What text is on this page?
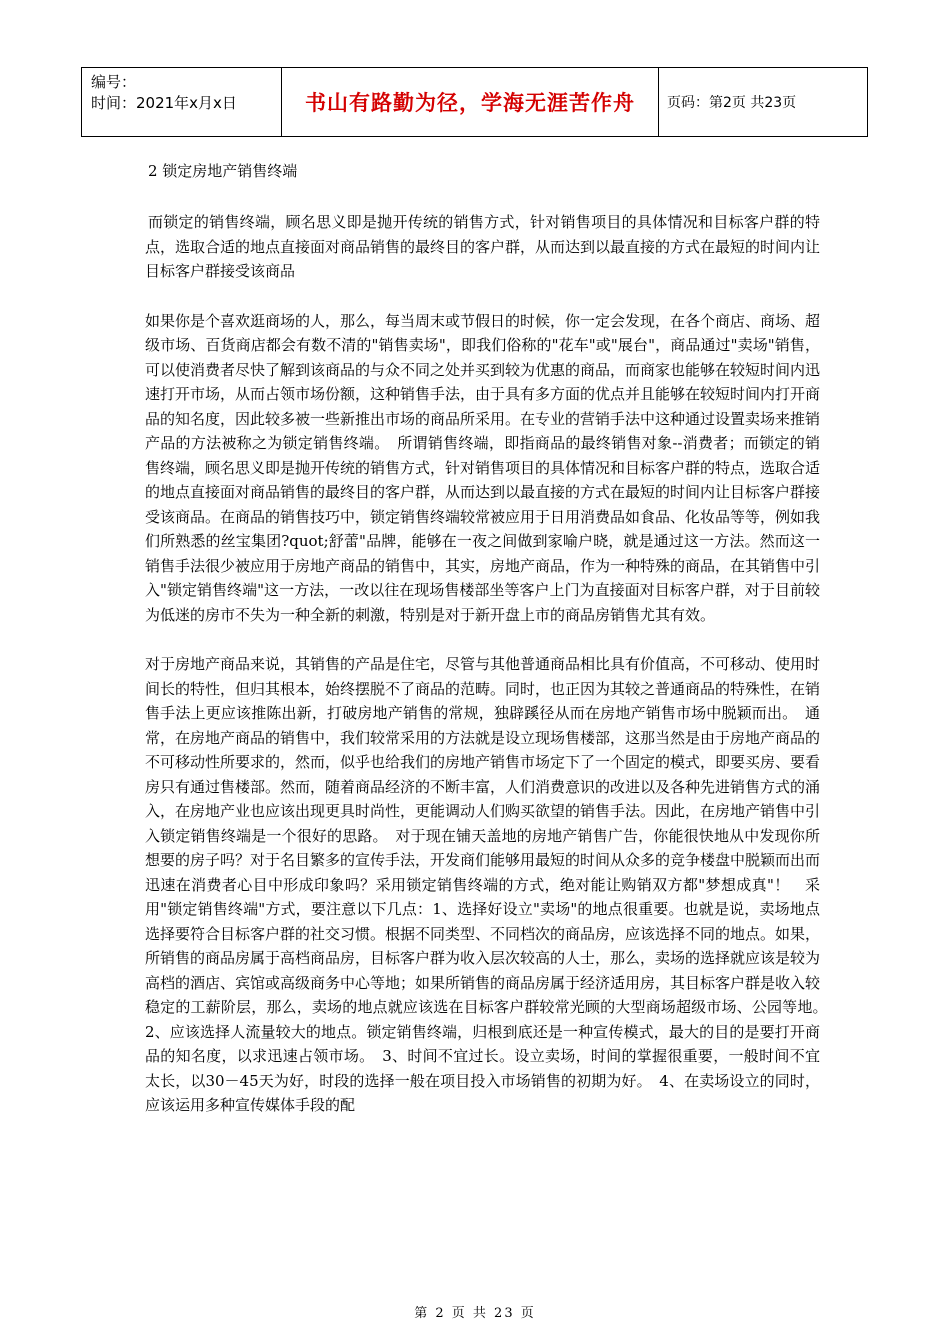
编号：
时间：2021年x月x日	书山有路勤为径，学海无涯苦作舟	页码：第2页 共23页
2 锁定房地产销售终端

而锁定的销售终端，顾名思义即是抛开传统的销售方式，针对销售项目的具体情况和目标客户群的特点，选取合适的地点直接面对商品销售的最终目的客户群，从而达到以最直接的方式在最短的时间内让目标客户群接受该商品

如果你是个喜欢逛商场的人，那么，每当周末或节假日的时候，你一定会发现，在各个商店、商场、超级市场、百货商店都会有数不清的"销售卖场"，即我们俗称的"花车"或"展台"，商品通过"卖场"销售，可以使消费者尽快了解到该商品的与众不同之处并买到较为优惠的商品，而商家也能够在较短时间内迅速打开市场，从而占领市场份额，这种销售手法，由于具有多方面的优点并且能够在较短时间内打开商品的知名度，因此较多被一些新推出市场的商品所采用。在专业的营销手法中这种通过设置卖场来推销产品的方法被称之为锁定销售终端。　所谓销售终端，即指商品的最终销售对象--消费者；而锁定的销售终端，顾名思义即是抛开传统的销售方式，针对销售项目的具体情况和目标客户群的特点，选取合适的地点直接面对商品销售的最终目的客户群，从而达到以最直接的方式在最短的时间内让目标客户群接受该商品。在商品的销售技巧中，锁定销售终端较常被应用于日用消费品如食品、化妆品等等，例如我们所熟悉的丝宝集团?quot;舒蕾"品牌，能够在一夜之间做到家喻户晓，就是通过这一方法。然而这一销售手法很少被应用于房地产商品的销售中，其实，房地产商品，作为一种特殊的商品，在其销售中引入"锁定销售终端"这一方法，一改以往在现场售楼部坐等客户上门为直接面对目标客户群，对于目前较为低迷的房市不失为一种全新的刺激，特别是对于新开盘上市的商品房销售尤其有效。

对于房地产商品来说，其销售的产品是住宅，尽管与其他普通商品相比具有价值高，不可移动、使用时间长的特性，但归其根本，始终摆脱不了商品的范畴。同时，也正因为其较之普通商品的特殊性，在销售手法上更应该推陈出新，打破房地产销售的常规，独辟蹊径从而在房地产销售市场中脱颖而出。　通常，在房地产商品的销售中，我们较常采用的方法就是设立现场售楼部，这那当然是由于房地产商品的不可移动性所要求的，然而，似乎也给我们的房地产销售市场定下了一个固定的模式，即要买房、要看房只有通过售楼部。然而，随着商品经济的不断丰富，人们消费意识的改进以及各种先进销售方式的涌入，在房地产业也应该出现更具时尚性，更能调动人们购买欲望的销售手法。因此，在房地产销售中引入锁定销售终端是一个很好的思路。　对于现在铺天盖地的房地产销售广告，你能很快地从中发现你所想要的房子吗？对于名目繁多的宣传手法，开发商们能够用最短的时间从众多的竞争楼盘中脱颖而出而迅速在消费者心目中形成印象吗？采用锁定销售终端的方式，绝对能让购销双方都"梦想成真"！　采用"锁定销售终端"方式，要注意以下几点：1、选择好设立"卖场"的地点很重要。也就是说，卖场地点选择要符合目标客户群的社交习惯。根据不同类型、不同档次的商品房，应该选择不同的地点。如果，所销售的商品房属于高档商品房，目标客户群为收入层次较高的人士，那么，卖场的选择就应该是较为高档的酒店、宾馆或高级商务中心等地；如果所销售的商品房属于经济适用房，其目标客户群是收入较稳定的工薪阶层，那么，卖场的地点就应该选在目标客户群较常光顾的大型商场超级市场、公园等地。　2、应该选择人流量较大的地点。锁定销售终端，归根到底还是一种宣传模式，最大的目的是要打开商品的知名度，以求迅速占领市场。　3、时间不宜过长。设立卖场，时间的掌握很重要，一般时间不宜太长，以30－45天为好，时段的选择一般在项目投入市场销售的初期为好。　4、在卖场设立的同时，应该运用多种宣传媒体手段的配

第 2 页 共 23 页
